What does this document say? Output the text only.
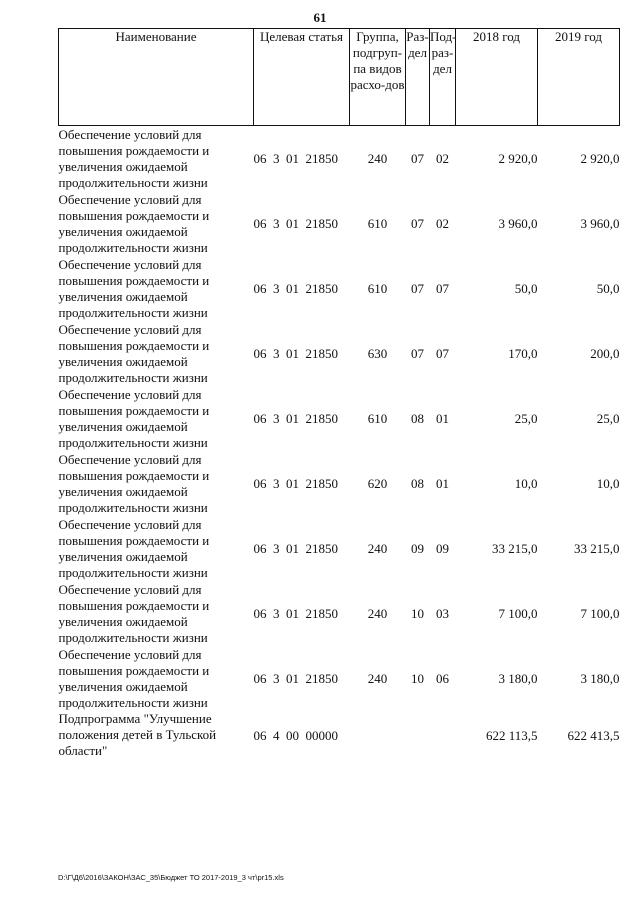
61
Наименование	Целевая статья	Группа, подгруп-па видов расхо-дов	Раз-дел	Под-раз-дел	2018 год	2019 год
Обеспечение условий для повышения рождаемости и увеличения ожидаемой продолжительности жизни	06  3  01  21850	240	07	02	2 920,0	2 920,0
Обеспечение условий для повышения рождаемости и увеличения ожидаемой продолжительности жизни	06  3  01  21850	610	07	02	3 960,0	3 960,0
Обеспечение условий для повышения рождаемости и увеличения ожидаемой продолжительности жизни	06  3  01  21850	610	07	07	50,0	50,0
Обеспечение условий для повышения рождаемости и увеличения ожидаемой продолжительности жизни	06  3  01  21850	630	07	07	170,0	200,0
Обеспечение условий для повышения рождаемости и увеличения ожидаемой продолжительности жизни	06  3  01  21850	610	08	01	25,0	25,0
Обеспечение условий для повышения рождаемости и увеличения ожидаемой продолжительности жизни	06  3  01  21850	620	08	01	10,0	10,0
Обеспечение условий для повышения рождаемости и увеличения ожидаемой продолжительности жизни	06  3  01  21850	240	09	09	33 215,0	33 215,0
Обеспечение условий для повышения рождаемости и увеличения ожидаемой продолжительности жизни	06  3  01  21850	240	10	03	7 100,0	7 100,0
Обеспечение условий для повышения рождаемости и увеличения ожидаемой продолжительности жизни	06  3  01  21850	240	10	06	3 180,0	3 180,0
Подпрограмма "Улучшение положения детей в Тульской области"	06  4  00  00000				622 113,5	622 413,5
D:\Г\Д6\2016\ЗАКОН\ЗАС_35\Бюджет ТО 2017-2019_3 чт\pr15.xls
